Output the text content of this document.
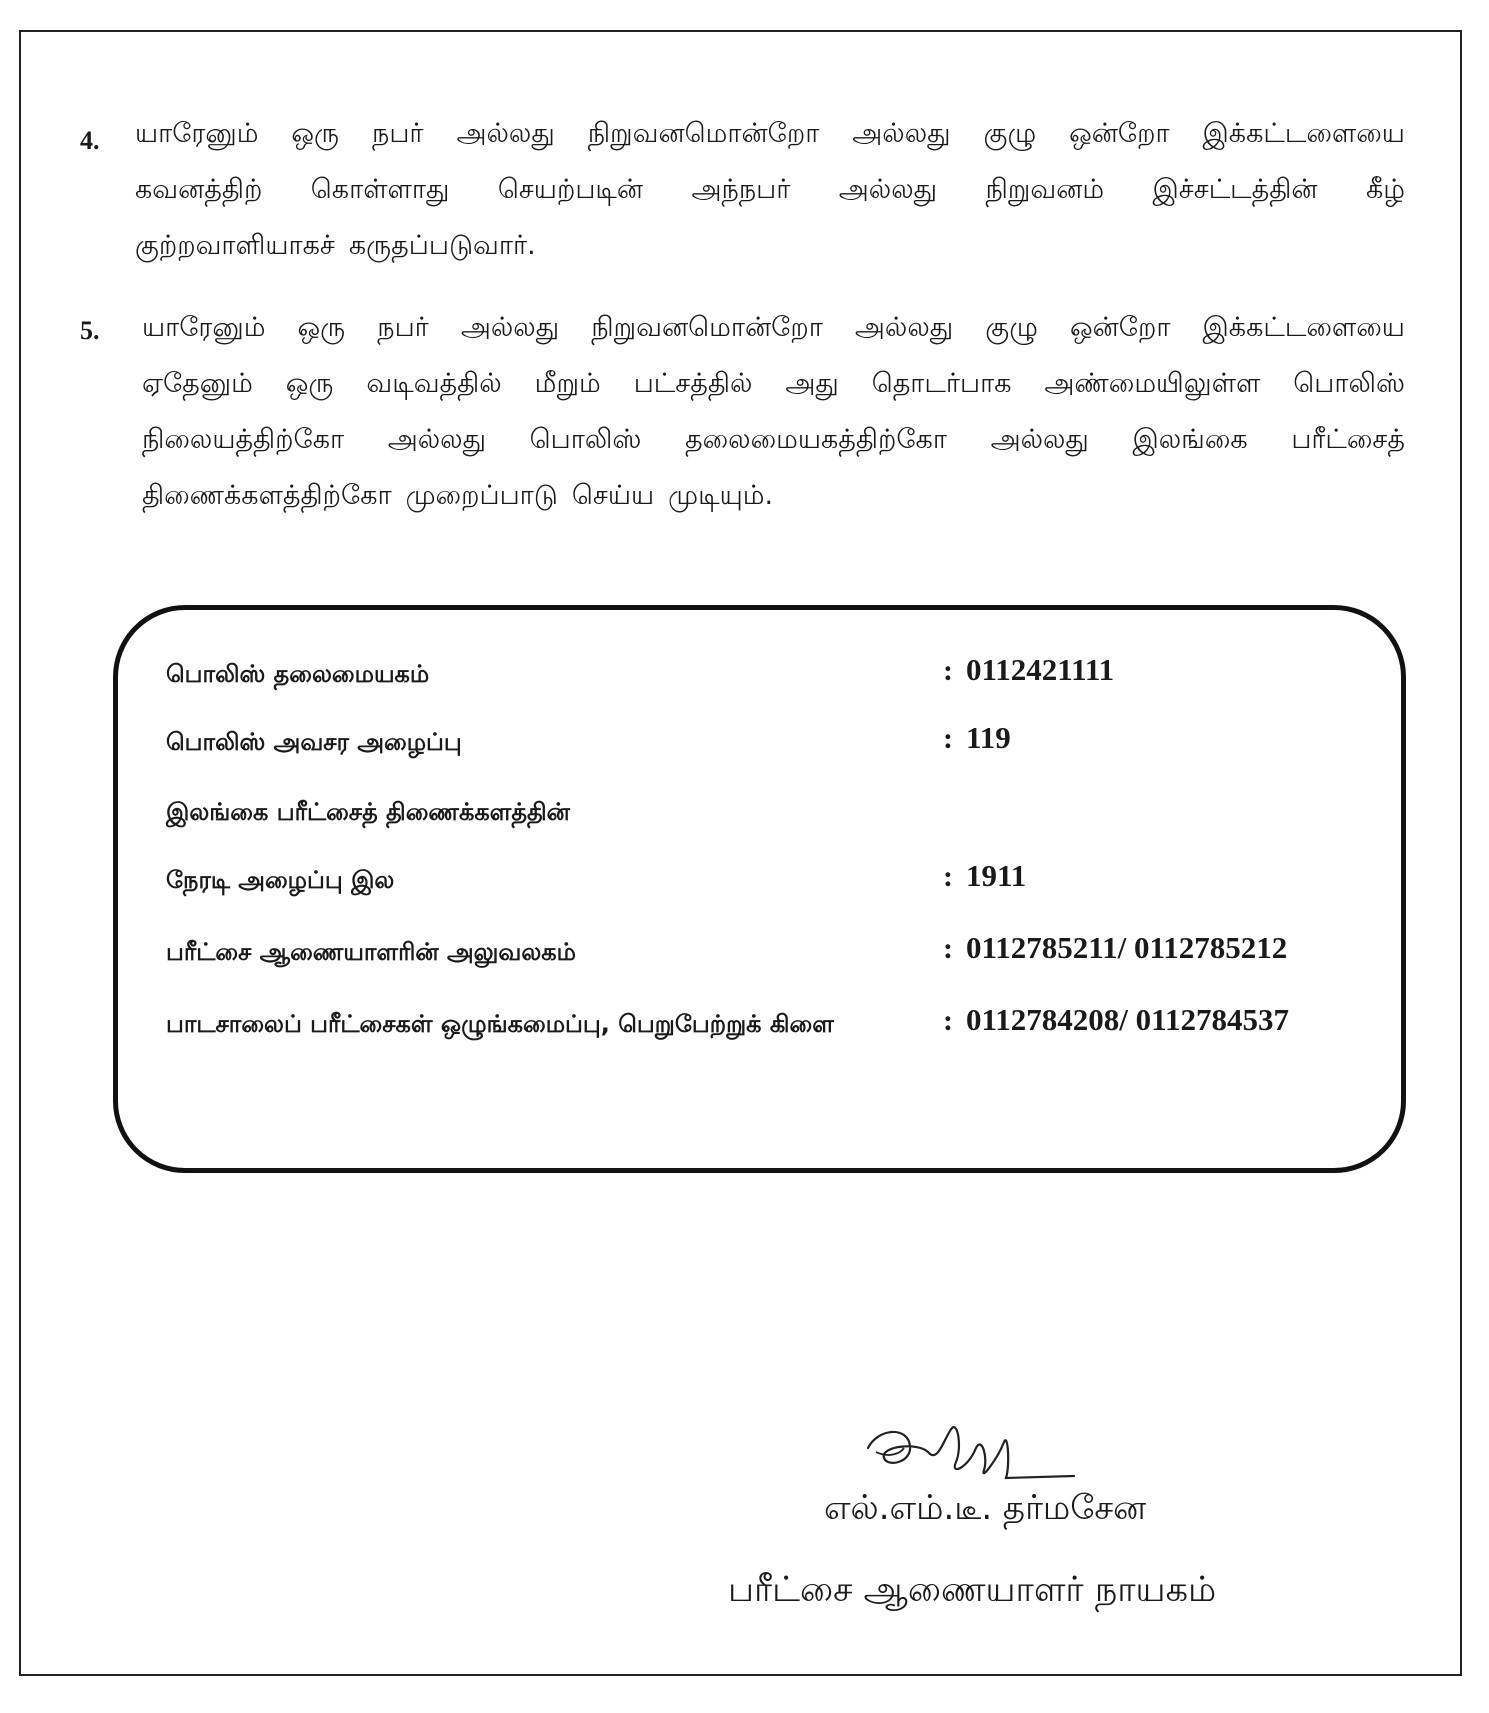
4. யாரேனும் ஒரு நபர் அல்லது நிறுவனமொன்றோ அல்லது குழு ஒன்றோ இக்கட்டளையை
கவனத்திற் கொள்ளாது செயற்படின் அந்நபர் அல்லது நிறுவனம் இச்சட்டத்தின் கீழ்
குற்றவாளியாகச் கருதப்படுவார்.
5. யாரேனும் ஒரு நபர் அல்லது நிறுவனமொன்றோ அல்லது குழு ஒன்றோ இக்கட்டளையை
ஏதேனும் ஒரு வடிவத்தில் மீறும் பட்சத்தில் அது தொடர்பாக அண்மையிலுள்ள பொலிஸ்
நிலையத்திற்கோ அல்லது பொலிஸ் தலைமையகத்திற்கோ அல்லது இலங்கை பரீட்சைத்
திணைக்களத்திற்கோ முறைப்பாடு செய்ய முடியும்.
பொலிஸ் தலைமையகம்	: 0112421111
பொலிஸ் அவசர அழைப்பு	: 119
இலங்கை பரீட்சைத் திணைக்களத்தின்
நேரடி அழைப்பு இல	: 1911
பரீட்சை ஆணையாளரின் அலுவலகம்	: 0112785211/ 0112785212
பாடசாலைப் பரீட்சைகள் ஒழுங்கமைப்பு, பெறுபேற்றுக் கிளை	: 0112784208/ 0112784537
எல்.எம்.டீ. தர்மசேன
பரீட்சை ஆணையாளர் நாயகம்
